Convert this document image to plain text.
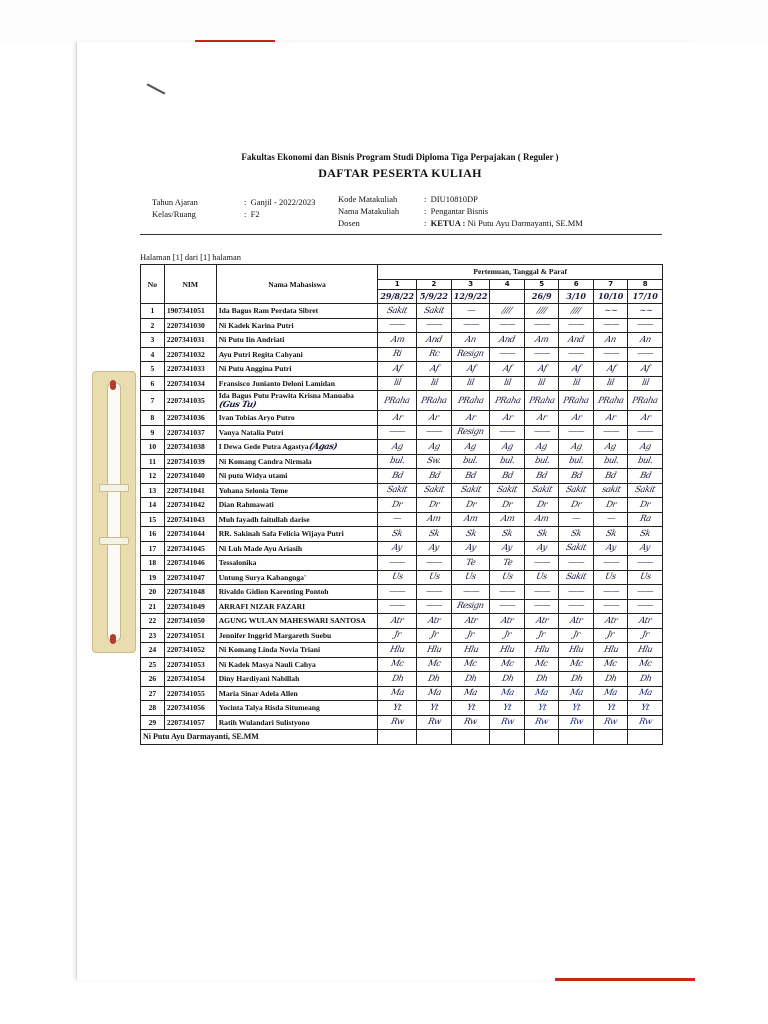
Fakultas Ekonomi dan Bisnis Program Studi Diploma Tiga Perpajakan ( Reguler )
DAFTAR PESERTA KULIAH
Tahun Ajaran
Kelas/Ruang
:  Ganjil - 2022/2023
:  F2
Kode Matakuliah
Nama Matakuliah
Dosen
:  DIU10810DP
:  Pengantar Bisnis
:  KETUA : Ni Putu Ayu Darmayanti, SE.MM
Halaman [1] dari [1] halaman
No	NIM	Nama Mahasiswa	Pertemuan, Tanggal & Paraf							
			1	2	3	4	5	6	7	8
			29/8/22	5/9/22	12/9/22		26/9	3/10	10/10	17/10
1	1907341051	Ida Bagus Ram Perdata Sibret	Sakit	Sakit	—	////	////	////	~~	~~
2	2207341030	Ni Kadek Karina Putri	——	——	——	——	——	——	——	——
3	2207341031	Ni Putu Iin Andriati	Am	And	An	And	Am	And	An	An
4	2207341032	Ayu Putri Regita Cahyani	Ri	Rc	Resign	——	——	——	——	——
5	2207341033	Ni Putu Anggina Putri	Af	Af	Af	Af	Af	Af	Af	Af
6	2207341034	Fransisco Junianto Deloni Lamidan	lil	lil	lil	lil	lil	lil	lil	lil
7	2207341035	Ida Bagus Putu Prawita Krisna Manuaba(Gus Tu)	PRaha	PRaha	PRaha	PRaha	PRaha	PRaha	PRaha	PRaha
8	2207341036	Ivan Tobias Aryo Putro	Ar	Ar	Ar	Ar	Ar	Ar	Ar	Ar
9	2207341037	Vanya Natalia Putri	——	——	Resign	——	——	——	——	——
10	2207341038	I Dewa Gede Putra Agastya(Agas)	Ag	Ag	Ag	Ag	Ag	Ag	Ag	Ag
11	2207341039	Ni Komang Candra Nirmala	bul.	Sw.	bul.	bul.	bul.	bul.	bul.	bul.
12	2207341040	Ni putu Widya utami	Bd	Bd	Bd	Bd	Bd	Bd	Bd	Bd
13	2207341041	Yohana Selonia Teme	Sakit	Sakit	Sakit	Sakit	Sakit	Sakit	sakit	Sakit
14	2207341042	Dian Rahmawati	Dr	Dr	Dr	Dr	Dr	Dr	Dr	Dr
15	2207341043	Muh fayadh faitullah darise	—	Am	Am	Am	Am	—	—	Ra
16	2207341044	RR. Sakinah Safa Felicia Wijaya Putri	Sk	Sk	Sk	Sk	Sk	Sk	Sk	Sk
17	2207341045	Ni Luh Made Ayu Ariasih	Ay	Ay	Ay	Ay	Ay	Sakit	Ay	Ay
18	2207341046	Tessalonika	——	——	Te	Te	——	——	——	——
19	2207341047	Untung Surya Kabangnga'	Us	Us	Us	Us	Us	Sakit	Us	Us
20	2207341048	Rivaldo Gidion Karenting Pontoh	——	——	——	——	——	——	——	——
21	2207341049	ARRAFI NIZAR FAZARI	——	——	Resign	——	——	——	——	——
22	2207341050	AGUNG WULAN MAHESWARI SANTOSA	Atr	Atr	Atr	Atr	Atr	Atr	Atr	Atr
23	2207341051	Jennifer Inggrid Margareth Suebu	Jr	Jr	Jr	Jr	Jr	Jr	Jr	Jr
24	2207341052	Ni Komang Linda Novia Triani	Hlu	Hlu	Hlu	Hlu	Hlu	Hlu	Hlu	Hlu
25	2207341053	Ni Kadek Masya Nauli Cahya	Mc	Mc	Mc	Mc	Mc	Mc	Mc	Mc
26	2207341054	Diny Hardiyani Nabillah	Dh	Dh	Dh	Dh	Dh	Dh	Dh	Dh
27	2207341055	Maria Sinar Adela Allen	Ma	Ma	Ma	Ma	Ma	Ma	Ma	Ma
28	2207341056	Yocinta Talya Risda Situmeang	Yt	Yt	Yt	Yt	Yt	Yt	Yt	Yt
29	2207341057	Ratih Wulandari Sulistyono	Rw	Rw	Rw	Rw	Rw	Rw	Rw	Rw
Ni Putu Ayu Darmayanti, SE.MM										
